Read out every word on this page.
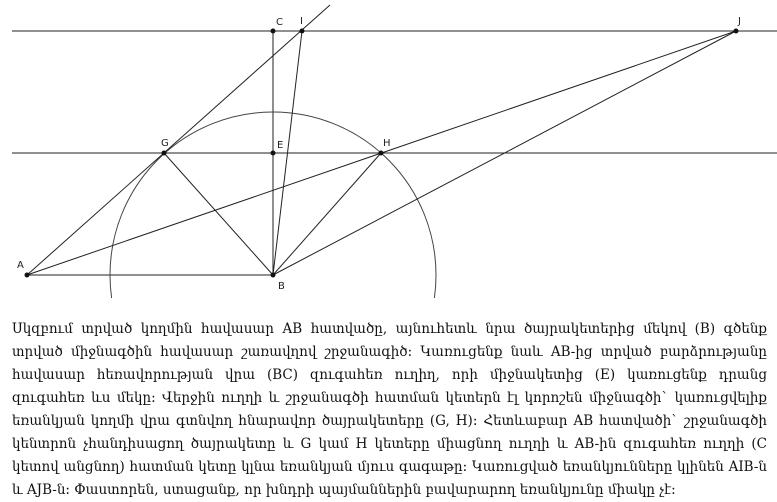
A
B
C
E
G	H
I	J

Սկզբում տրված կողմին հավասար AB հատվածը, այնուհետև նրա ծայրակետերից մեկով (B) գծենք տրված միջնագծին հավասար շառավղով շրջանագիծ: Կառուցենք նաև AB-ից տրված բարձրությանը հավասար հեռավորության վրա (BC) զուգահեռ ուղիղ, որի միջնակետից (E) կառուցենք դրանց զուգահեռ ևս մեկը: Վերջին ուղղի և շրջանագծի հատման կետերն էլ կորոշեն միջնագծի` կառուցվելիք եռանկյան կողմի վրա գտնվող հնարավոր ծայրակետերը (G, H): Հետևաբար AB հատվածի` շրջանագծի կենտրոն չհանդիսացող ծայրակետը և G կամ H կետերը միացնող ուղղի և AB-ին զուգահեռ ուղղի (C կետով անցնող) հատման կետը կլնա եռանկյան մյուս գագաթը: Կառուցված եռանկյունները կլինեն AIB-ն և AJB-ն: Փաստորեն, ստացանք, որ խնդրի պայմաններին բավարարող եռանկյունը միակը չէ:
